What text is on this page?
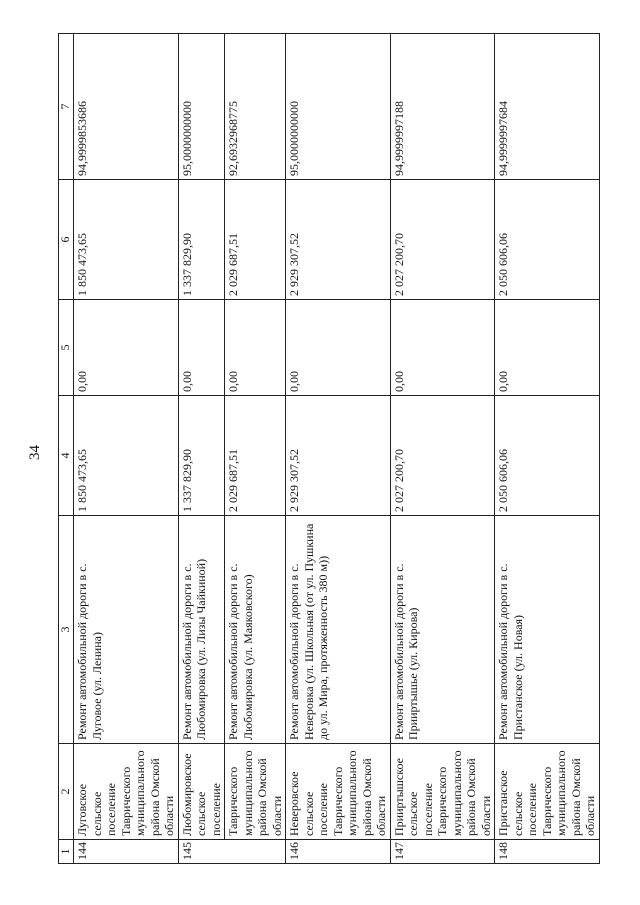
34
1	2	3	4	5	6	7
144	Луговское сельское поселение Таврического муниципального района Омской области	Ремонт автомобильной дороги в с. Луговое (ул. Ленина)	1 850 473,65	0,00	1 850 473,65	94,9999853686
145	Любомировское сельское поселение	Ремонт автомобильной дороги в с. Любомировка (ул. Лизы Чайкиной)	1 337 829,90	0,00	1 337 829,90	95,0000000000
	Таврического муниципального района Омской области	Ремонт автомобильной дороги в с. Любомировка (ул. Маяковского)	2 029 687,51	0,00	2 029 687,51	92,6932968775
146	Неверовское сельское поселение Таврического муниципального района Омской области	Ремонт автомобильной дороги в с. Неверовка (ул. Школьная (от ул. Пушкина до ул. Мира, протяженность 380 м))	2 929 307,52	0,00	2 929 307,52	95,0000000000
147	Прииртышское сельское поселение Таврического муниципального района Омской области	Ремонт автомобильной дороги в с. Прииртышье (ул. Кирова)	2 027 200,70	0,00	2 027 200,70	94,9999997188
148	Пристанское сельское поселение Таврического муниципального района Омской области	Ремонт автомобильной дороги в с. Пристанское (ул. Новая)	2 050 606,06	0,00	2 050 606,06	94,9999997684
